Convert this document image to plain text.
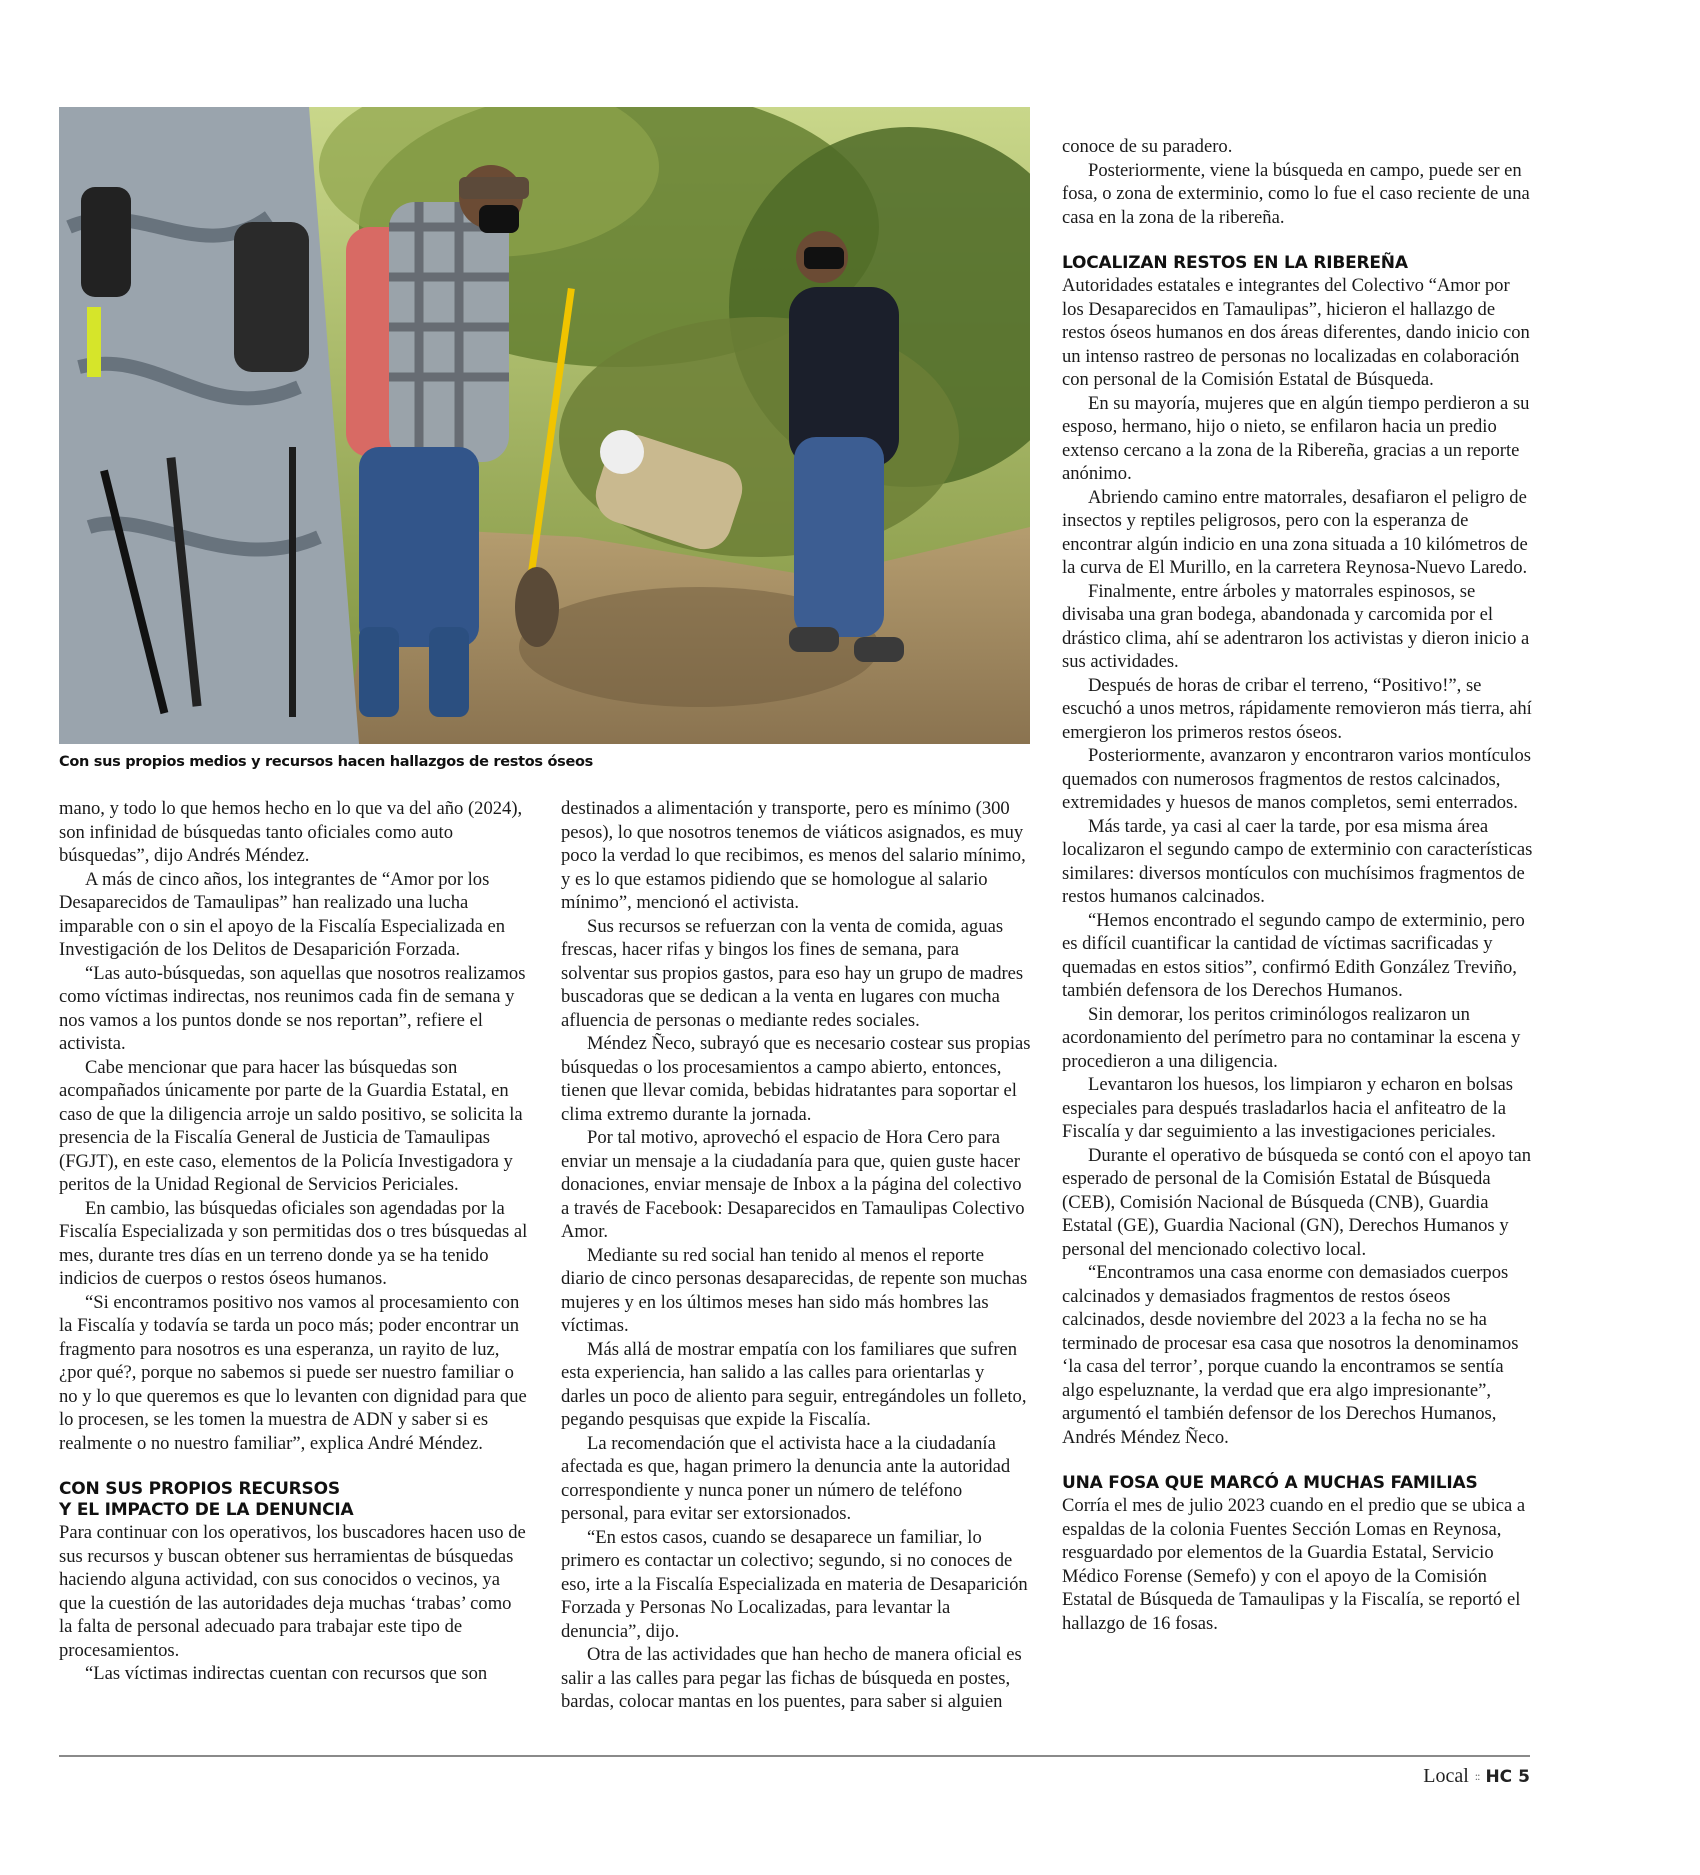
Con sus propios medios y recursos hacen hallazgos de restos óseos

mano, y todo lo que hemos hecho en lo que va del año (2024), son infinidad de búsquedas tanto oficiales como auto búsquedas”, dijo Andrés Méndez.

A más de cinco años, los integrantes de “Amor por los Desaparecidos de Tamaulipas” han realizado una lucha imparable con o sin el apoyo de la Fiscalía Especializada en Investigación de los Delitos de Desaparición Forzada.

“Las auto-búsquedas, son aquellas que nosotros realizamos como víctimas indirectas, nos reunimos cada fin de semana y nos vamos a los puntos donde se nos reportan”, refiere el activista.

Cabe mencionar que para hacer las búsquedas son acompañados únicamente por parte de la Guardia Estatal, en caso de que la diligencia arroje un saldo positivo, se solicita la presencia de la Fiscalía General de Justicia de Tamaulipas (FGJT), en este caso, elementos de la Policía Investigadora y peritos de la Unidad Regional de Servicios Periciales.

En cambio, las búsquedas oficiales son agendadas por la Fiscalía Especializada y son permitidas dos o tres búsquedas al mes, durante tres días en un terreno donde ya se ha tenido indicios de cuerpos o restos óseos humanos.

“Si encontramos positivo nos vamos al procesamiento con la Fiscalía y todavía se tarda un poco más; poder encontrar un fragmento para nosotros es una esperanza, un rayito de luz, ¿por qué?, porque no sabemos si puede ser nuestro familiar o no y lo que queremos es que lo levanten con dignidad para que lo procesen, se les tomen la muestra de ADN y saber si es realmente o no nuestro familiar”, explica André Méndez.

CON SUS PROPIOS RECURSOS
Y EL IMPACTO DE LA DENUNCIA

Para continuar con los operativos, los buscadores hacen uso de sus recursos y buscan obtener sus herramientas de búsquedas haciendo alguna actividad, con sus conocidos o vecinos, ya que la cuestión de las autoridades deja muchas ‘trabas’ como la falta de personal adecuado para trabajar este tipo de procesamientos.

“Las víctimas indirectas cuentan con recursos que son

destinados a alimentación y transporte, pero es mínimo (300 pesos), lo que nosotros tenemos de viáticos asignados, es muy poco la verdad lo que recibimos, es menos del salario mínimo, y es lo que estamos pidiendo que se homologue al salario mínimo”, mencionó el activista.

Sus recursos se refuerzan con la venta de comida, aguas frescas, hacer rifas y bingos los fines de semana, para solventar sus propios gastos, para eso hay un grupo de madres buscadoras que se dedican a la venta en lugares con mucha afluencia de personas o mediante redes sociales.

Méndez Ñeco, subrayó que es necesario costear sus propias búsquedas o los procesamientos a campo abierto, entonces, tienen que llevar comida, bebidas hidratantes para soportar el clima extremo durante la jornada.

Por tal motivo, aprovechó el espacio de Hora Cero para enviar un mensaje a la ciudadanía para que, quien guste hacer donaciones, enviar mensaje de Inbox a la página del colectivo a través de Facebook: Desaparecidos en Tamaulipas Colectivo Amor.

Mediante su red social han tenido al menos el reporte diario de cinco personas desaparecidas, de repente son muchas mujeres y en los últimos meses han sido más hombres las víctimas.

Más allá de mostrar empatía con los familiares que sufren esta experiencia, han salido a las calles para orientarlas y darles un poco de aliento para seguir, entregándoles un folleto, pegando pesquisas que expide la Fiscalía.

La recomendación que el activista hace a la ciudadanía afectada es que, hagan primero la denuncia ante la autoridad correspondiente y nunca poner un número de teléfono personal, para evitar ser extorsionados.

“En estos casos, cuando se desaparece un familiar, lo primero es contactar un colectivo; segundo, si no conoces de eso, irte a la Fiscalía Especializada en materia de Desaparición Forzada y Personas No Localizadas, para levantar la denuncia”, dijo.

Otra de las actividades que han hecho de manera oficial es salir a las calles para pegar las fichas de búsqueda en postes, bardas, colocar mantas en los puentes, para saber si alguien

conoce de su paradero.

Posteriormente, viene la búsqueda en campo, puede ser en fosa, o zona de exterminio, como lo fue el caso reciente de una casa en la zona de la ribereña.

LOCALIZAN RESTOS EN LA RIBEREÑA

Autoridades estatales e integrantes del Colectivo “Amor por los Desaparecidos en Tamaulipas”, hicieron el hallazgo de restos óseos humanos en dos áreas diferentes, dando inicio con un intenso rastreo de personas no localizadas en colaboración con personal de la Comisión Estatal de Búsqueda.

En su mayoría, mujeres que en algún tiempo perdieron a su esposo, hermano, hijo o nieto, se enfilaron hacia un predio extenso cercano a la zona de la Ribereña, gracias a un reporte anónimo.

Abriendo camino entre matorrales, desafiaron el peligro de insectos y reptiles peligrosos, pero con la esperanza de encontrar algún indicio en una zona situada a 10 kilómetros de la curva de El Murillo, en la carretera Reynosa-Nuevo Laredo.

Finalmente, entre árboles y matorrales espinosos, se divisaba una gran bodega, abandonada y carcomida por el drástico clima, ahí se adentraron los activistas y dieron inicio a sus actividades.

Después de horas de cribar el terreno, “Positivo!”, se escuchó a unos metros, rápidamente removieron más tierra, ahí emergieron los primeros restos óseos.

Posteriormente, avanzaron y encontraron varios montículos quemados con numerosos fragmentos de restos calcinados, extremidades y huesos de manos completos, semi enterrados.

Más tarde, ya casi al caer la tarde, por esa misma área localizaron el segundo campo de exterminio con características similares: diversos montículos con muchísimos fragmentos de restos humanos calcinados.

“Hemos encontrado el segundo campo de exterminio, pero es difícil cuantificar la cantidad de víctimas sacrificadas y quemadas en estos sitios”, confirmó Edith González Treviño, también defensora de los Derechos Humanos.

Sin demorar, los peritos criminólogos realizaron un acordonamiento del perímetro para no contaminar la escena y procedieron a una diligencia.

Levantaron los huesos, los limpiaron y echaron en bolsas especiales para después trasladarlos hacia el anfiteatro de la Fiscalía y dar seguimiento a las investigaciones periciales.

Durante el operativo de búsqueda se contó con el apoyo tan esperado de personal de la Comisión Estatal de Búsqueda (CEB), Comisión Nacional de Búsqueda (CNB), Guardia Estatal (GE), Guardia Nacional (GN), Derechos Humanos y personal del mencionado colectivo local.

“Encontramos una casa enorme con demasiados cuerpos calcinados y demasiados fragmentos de restos óseos calcinados, desde noviembre del 2023 a la fecha no se ha terminado de procesar esa casa que nosotros la denominamos ‘la casa del terror’, porque cuando la encontramos se sentía algo espeluznante, la verdad que era algo impresionante”, argumentó el también defensor de los Derechos Humanos, Andrés Méndez Ñeco.

UNA FOSA QUE MARCÓ A MUCHAS FAMILIAS

Corría el mes de julio 2023 cuando en el predio que se ubica a espaldas de la colonia Fuentes Sección Lomas en Reynosa, resguardado por elementos de la Guardia Estatal, Servicio Médico Forense (Semefo) y con el apoyo de la Comisión Estatal de Búsqueda de Tamaulipas y la Fiscalía, se reportó el hallazgo de 16 fosas.

Local :: HC 5
